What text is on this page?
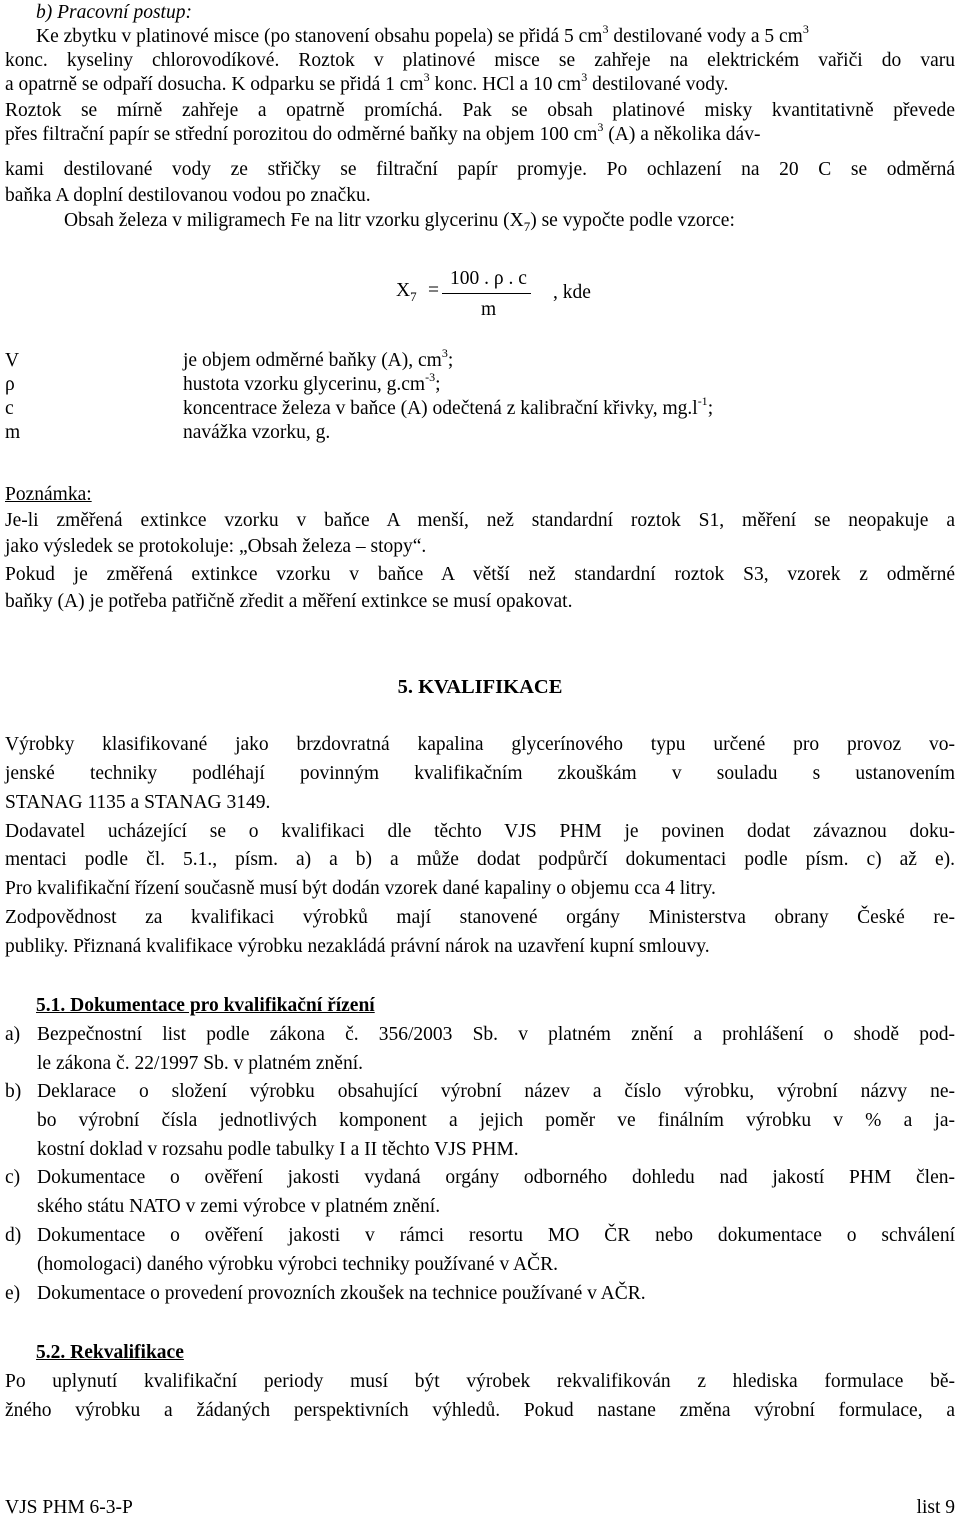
b) Pracovní postup:
Ke zbytku v platinové misce (po stanovení obsahu popela) se přidá 5 $cm^3$ destilované vody a 5 $cm^3$
konc. kyseliny chlorovodíkové. Roztok v platinové misce se zahřeje na elektrickém vařiči do varu
a opatrně se odpaří dosucha. K odparku se přidá 1 $cm^3$ konc. HCl a 10 $cm^3$ destilované vody.
Roztok se mírně zahřeje a opatrně promíchá. Pak se obsah platinové misky kvantitativně převede
přes filtrační papír se střední porozitou do odměrné baňky na objem 100 $cm^3$ (A) a několika dáv-
kami destilované vody ze střičky se filtrační papír promyje. Po ochlazení na 20 C se odměrná
baňka A doplní destilovanou vodou po značku.
Obsah železa v miligramech Fe na litr vzorku glycerinu $(X_7)$ se vypočte podle vzorce:
$X_7$ =
100 . ρ . c
m
, kde
V	je objem odměrné baňky (A), $cm^3$;
ρ	hustota vzorku glycerinu, $g.cm^{-3}$;
c	koncentrace železa v baňce (A) odečtená z kalibrační křivky, $mg.l^{-1}$;
m	navážka vzorku, g.
Poznámka:
Je-li změřená extinkce vzorku v baňce A menší, než standardní roztok S1, měření se neopakuje a
jako výsledek se protokoluje: „Obsah železa – stopy“.
Pokud je změřená extinkce vzorku v baňce A větší než standardní roztok S3, vzorek z odměrné
baňky (A) je potřeba patřičně zředit a měření extinkce se musí opakovat.
5. KVALIFIKACE
Výrobky klasifikované jako brzdovratná kapalina glycerínového typu určené pro provoz vo-
jenské techniky podléhají povinným kvalifikačním zkouškám v souladu s ustanovením
STANAG 1135 a STANAG 3149.
Dodavatel ucházející se o kvalifikaci dle těchto VJS PHM je povinen dodat závaznou doku-
mentaci podle čl. 5.1., písm. a) a b) a může dodat podpůrčí dokumentaci podle písm. c) až e).
Pro kvalifikační řízení současně musí být dodán vzorek dané kapaliny o objemu cca 4 litry.
Zodpovědnost za kvalifikaci výrobků mají stanovené orgány Ministerstva obrany České re-
publiky. Přiznaná kvalifikace výrobku nezakládá právní nárok na uzavření kupní smlouvy.
5.1. Dokumentace pro kvalifikační řízení
a) Bezpečnostní list podle zákona č. 356/2003 Sb. v platném znění a prohlášení o shodě pod-
le zákona č. 22/1997 Sb. v platném znění.
b) Deklarace o složení výrobku obsahující výrobní název a číslo výrobku, výrobní názvy ne-
bo výrobní čísla jednotlivých komponent a jejich poměr ve finálním výrobku v % a ja-
kostní doklad v rozsahu podle tabulky I a II těchto VJS PHM.
c) Dokumentace o ověření jakosti vydaná orgány odborného dohledu nad jakostí PHM člen-
ského státu NATO v zemi výrobce v platném znění.
d) Dokumentace o ověření jakosti v rámci resortu MO ČR nebo dokumentace o schválení
(homologaci) daného výrobku výrobci techniky používané v AČR.
e) Dokumentace o provedení provozních zkoušek na technice používané v AČR.
5.2. Rekvalifikace
Po uplynutí kvalifikační periody musí být výrobek rekvalifikován z hlediska formulace bě-
žného výrobku a žádaných perspektivních výhledů. Pokud nastane změna výrobní formulace, a
VJS PHM 6-3-P	list 9
